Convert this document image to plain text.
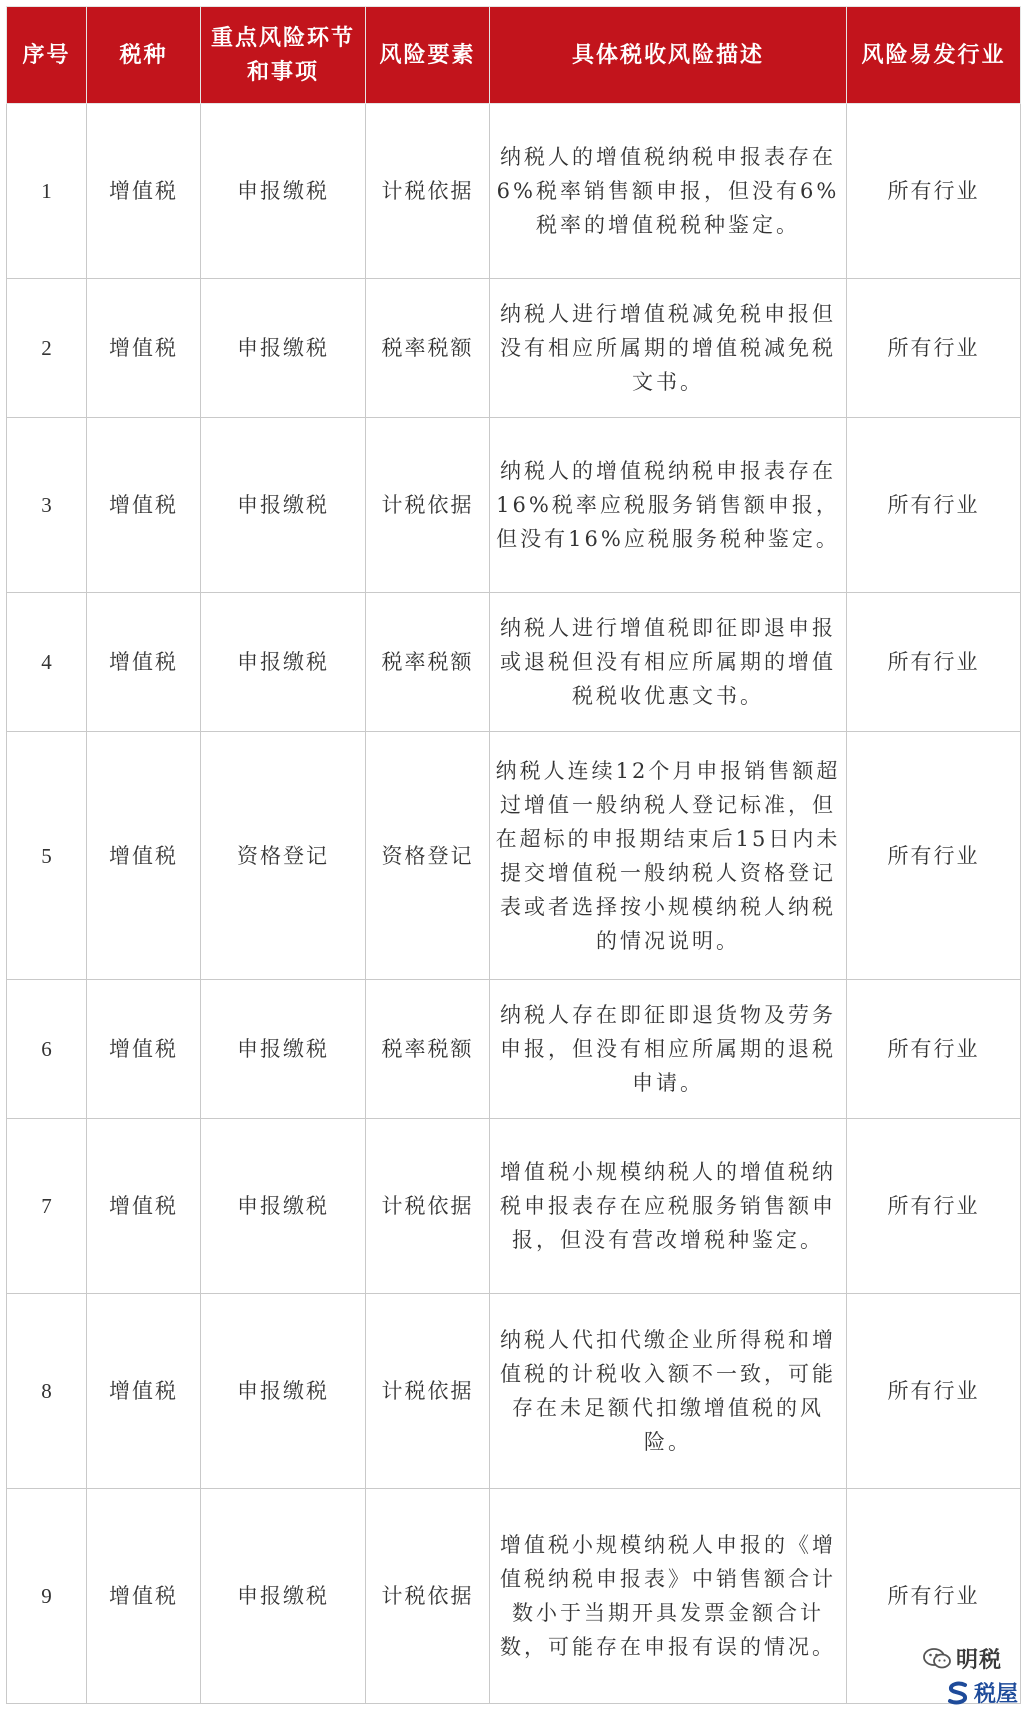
序号	税种	重点风险环节和事项	风险要素	具体税收风险描述	风险易发行业
1	增值税	申报缴税	计税依据	纳税人的增值税纳税申报表存在6%税率销售额申报，但没有6%税率的增值税税种鉴定。	所有行业
2	增值税	申报缴税	税率税额	纳税人进行增值税减免税申报但没有相应所属期的增值税减免税文书。	所有行业
3	增值税	申报缴税	计税依据	纳税人的增值税纳税申报表存在16%税率应税服务销售额申报，但没有16%应税服务税种鉴定。	所有行业
4	增值税	申报缴税	税率税额	纳税人进行增值税即征即退申报或退税但没有相应所属期的增值税税收优惠文书。	所有行业
5	增值税	资格登记	资格登记	纳税人连续12个月申报销售额超过增值一般纳税人登记标准，但在超标的申报期结束后15日内未提交增值税一般纳税人资格登记表或者选择按小规模纳税人纳税的情况说明。	所有行业
6	增值税	申报缴税	税率税额	纳税人存在即征即退货物及劳务申报，但没有相应所属期的退税申请。	所有行业
7	增值税	申报缴税	计税依据	增值税小规模纳税人的增值税纳税申报表存在应税服务销售额申报，但没有营改增税种鉴定。	所有行业
8	增值税	申报缴税	计税依据	纳税人代扣代缴企业所得税和增值税的计税收入额不一致，可能存在未足额代扣缴增值税的风险。	所有行业
9	增值税	申报缴税	计税依据	增值税小规模纳税人申报的《增值税纳税申报表》中销售额合计数小于当期开具发票金额合计数，可能存在申报有误的情况。	所有行业
明税
税屋
